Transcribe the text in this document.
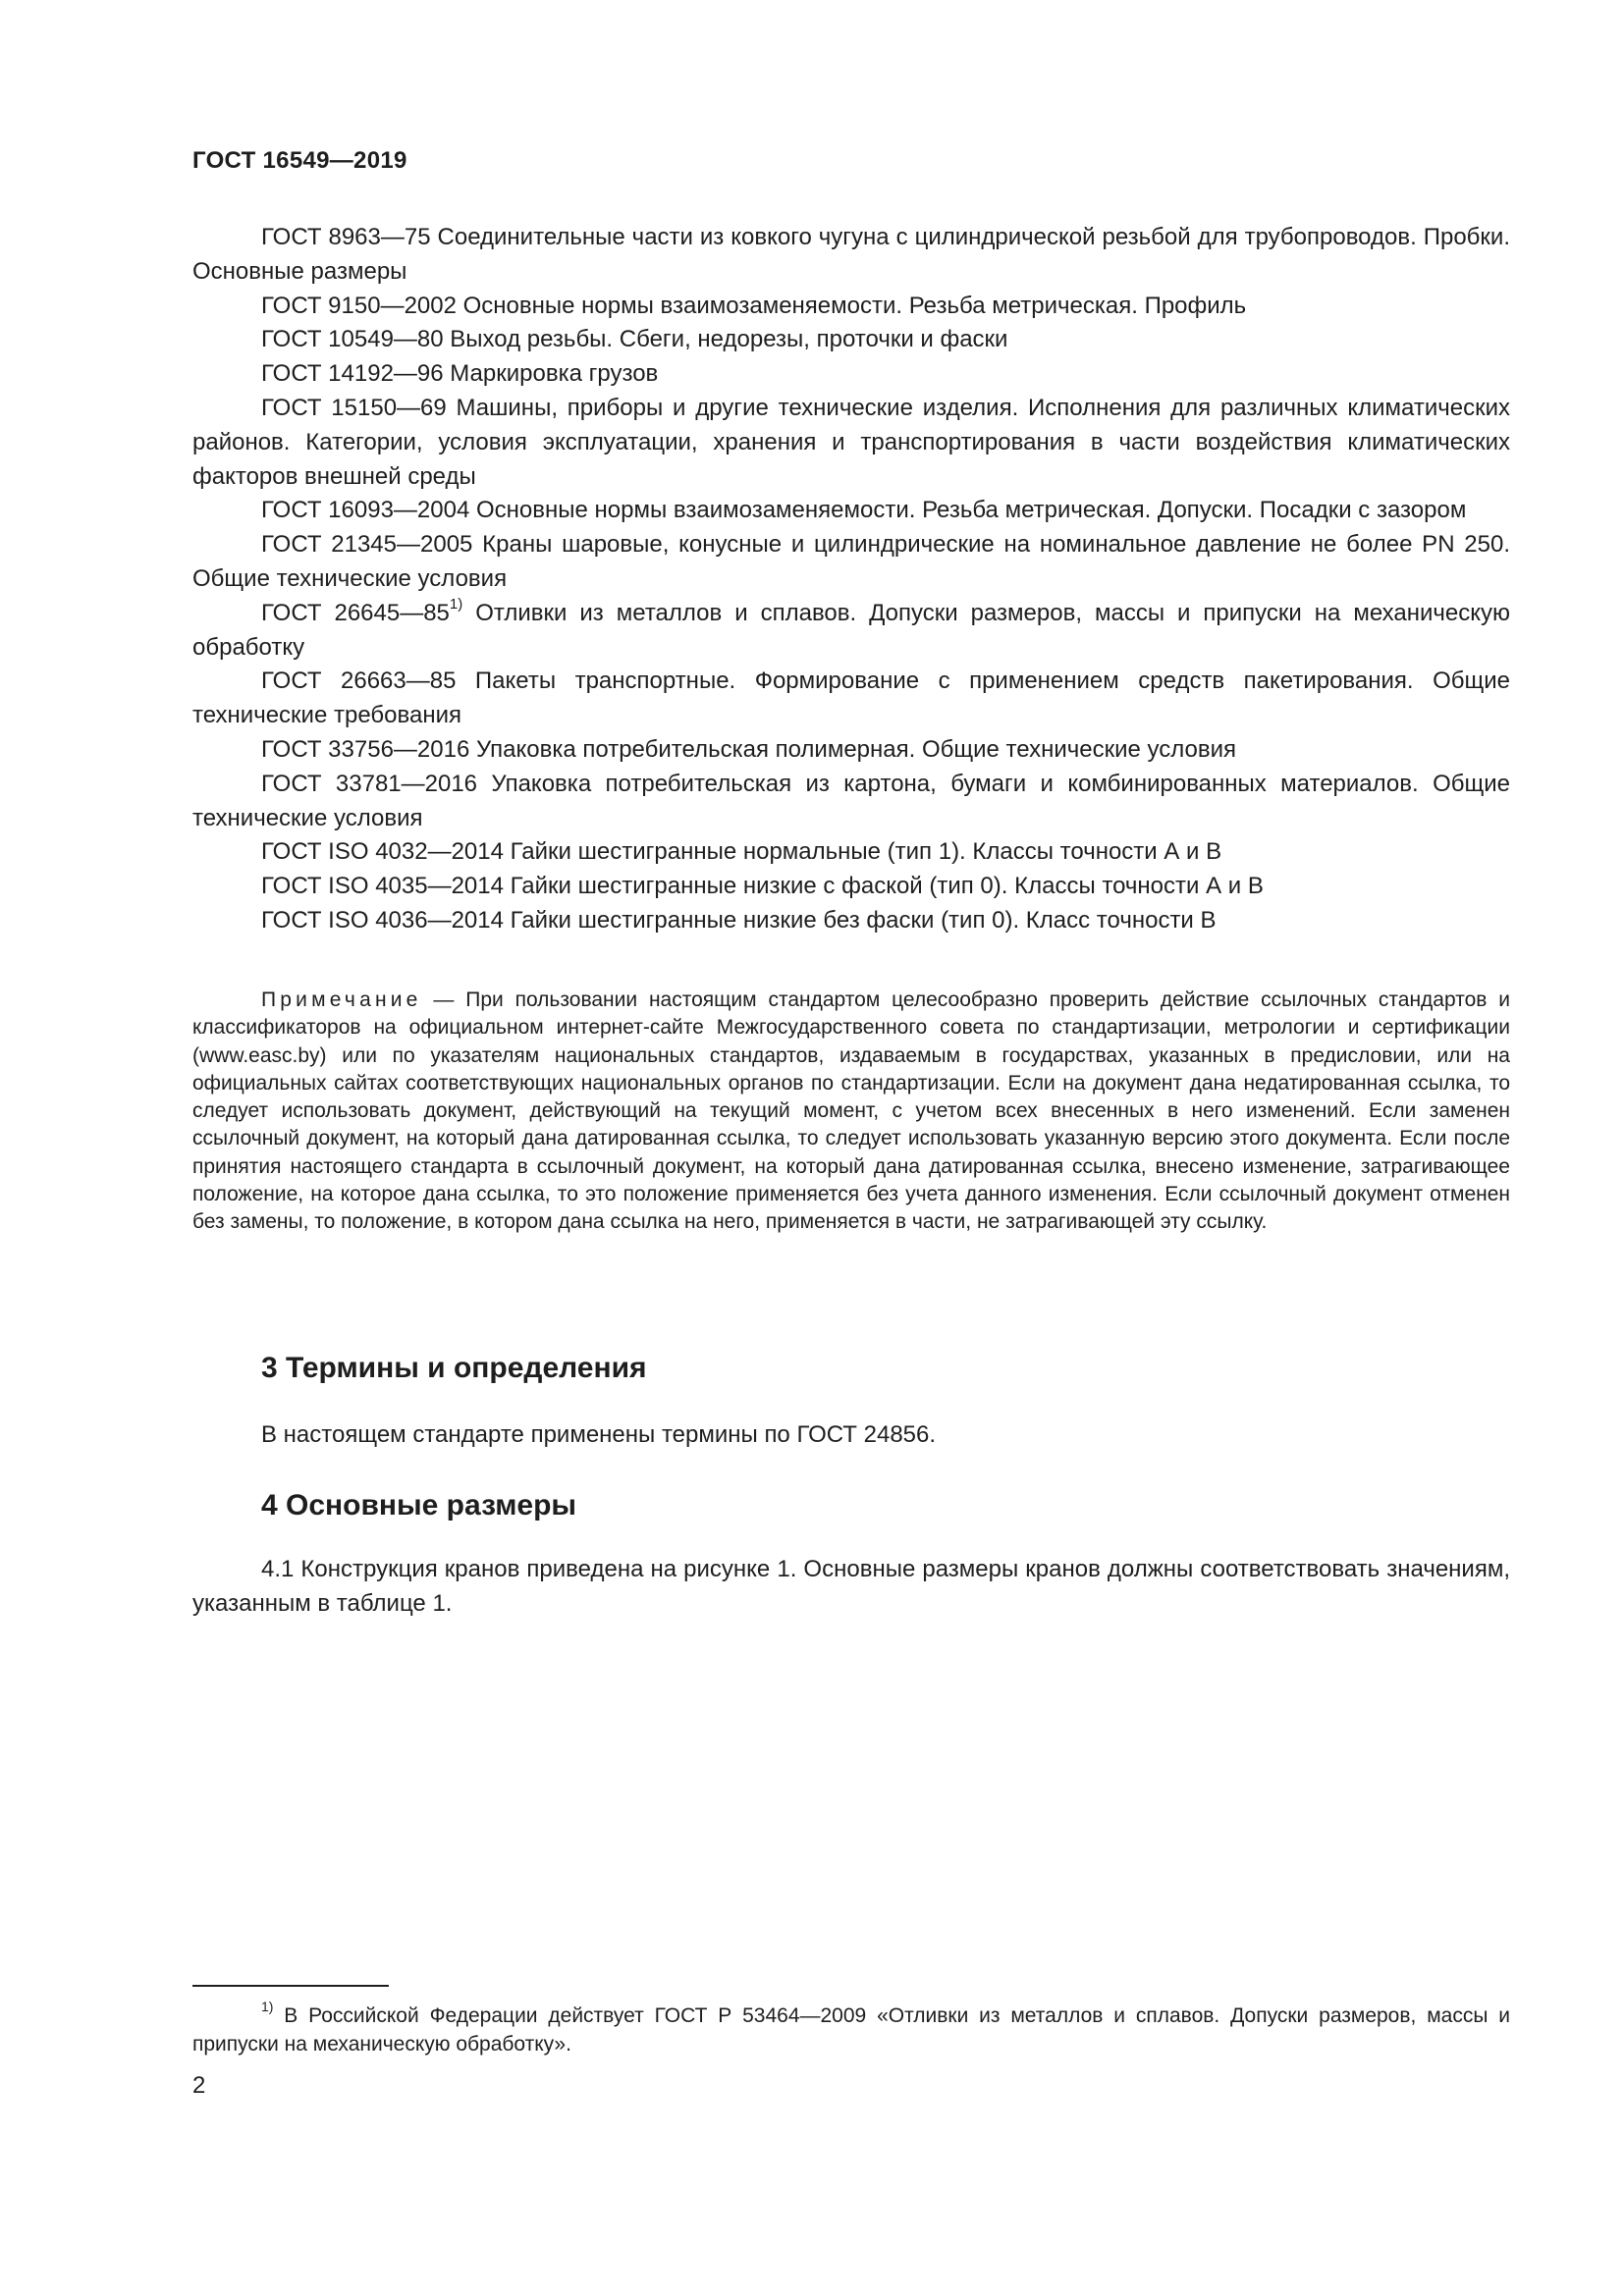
ГОСТ 16549—2019

ГОСТ 8963—75 Соединительные части из ковкого чугуна с цилиндрической резьбой для трубопроводов. Пробки. Основные размеры

ГОСТ 9150—2002 Основные нормы взаимозаменяемости. Резьба метрическая. Профиль

ГОСТ 10549—80 Выход резьбы. Сбеги, недорезы, проточки и фаски

ГОСТ 14192—96 Маркировка грузов

ГОСТ 15150—69 Машины, приборы и другие технические изделия. Исполнения для различных климатических районов. Категории, условия эксплуатации, хранения и транспортирования в части воздействия климатических факторов внешней среды

ГОСТ 16093—2004 Основные нормы взаимозаменяемости. Резьба метрическая. Допуски. Посадки с зазором

ГОСТ 21345—2005 Краны шаровые, конусные и цилиндрические на номинальное давление не более PN 250. Общие технические условия

ГОСТ 26645—85$^{1)}$ Отливки из металлов и сплавов. Допуски размеров, массы и припуски на механическую обработку

ГОСТ 26663—85 Пакеты транспортные. Формирование с применением средств пакетирования. Общие технические требования

ГОСТ 33756—2016 Упаковка потребительская полимерная. Общие технические условия

ГОСТ 33781—2016 Упаковка потребительская из картона, бумаги и комбинированных материалов. Общие технические условия

ГОСТ ISO 4032—2014 Гайки шестигранные нормальные (тип 1). Классы точности А и В

ГОСТ ISO 4035—2014 Гайки шестигранные низкие с фаской (тип 0). Классы точности А и В

ГОСТ ISO 4036—2014 Гайки шестигранные низкие без фаски (тип 0). Класс точности В

Примечание — При пользовании настоящим стандартом целесообразно проверить действие ссылочных стандартов и классификаторов на официальном интернет-сайте Межгосударственного совета по стандартизации, метрологии и сертификации (www.easc.by) или по указателям национальных стандартов, издаваемым в государствах, указанных в предисловии, или на официальных сайтах соответствующих национальных органов по стандартизации. Если на документ дана недатированная ссылка, то следует использовать документ, действующий на текущий момент, с учетом всех внесенных в него изменений. Если заменен ссылочный документ, на который дана датированная ссылка, то следует использовать указанную версию этого документа. Если после принятия настоящего стандарта в ссылочный документ, на который дана датированная ссылка, внесено изменение, затрагивающее положение, на которое дана ссылка, то это положение применяется без учета данного изменения. Если ссылочный документ отменен без замены, то положение, в котором дана ссылка на него, применяется в части, не затрагивающей эту ссылку.

3 Термины и определения

В настоящем стандарте применены термины по ГОСТ 24856.

4 Основные размеры

4.1 Конструкция кранов приведена на рисунке 1. Основные размеры кранов должны соответствовать значениям, указанным в таблице 1.

$^{1)}$ В Российской Федерации действует ГОСТ Р 53464—2009 «Отливки из металлов и сплавов. Допуски размеров, массы и припуски на механическую обработку».

2
